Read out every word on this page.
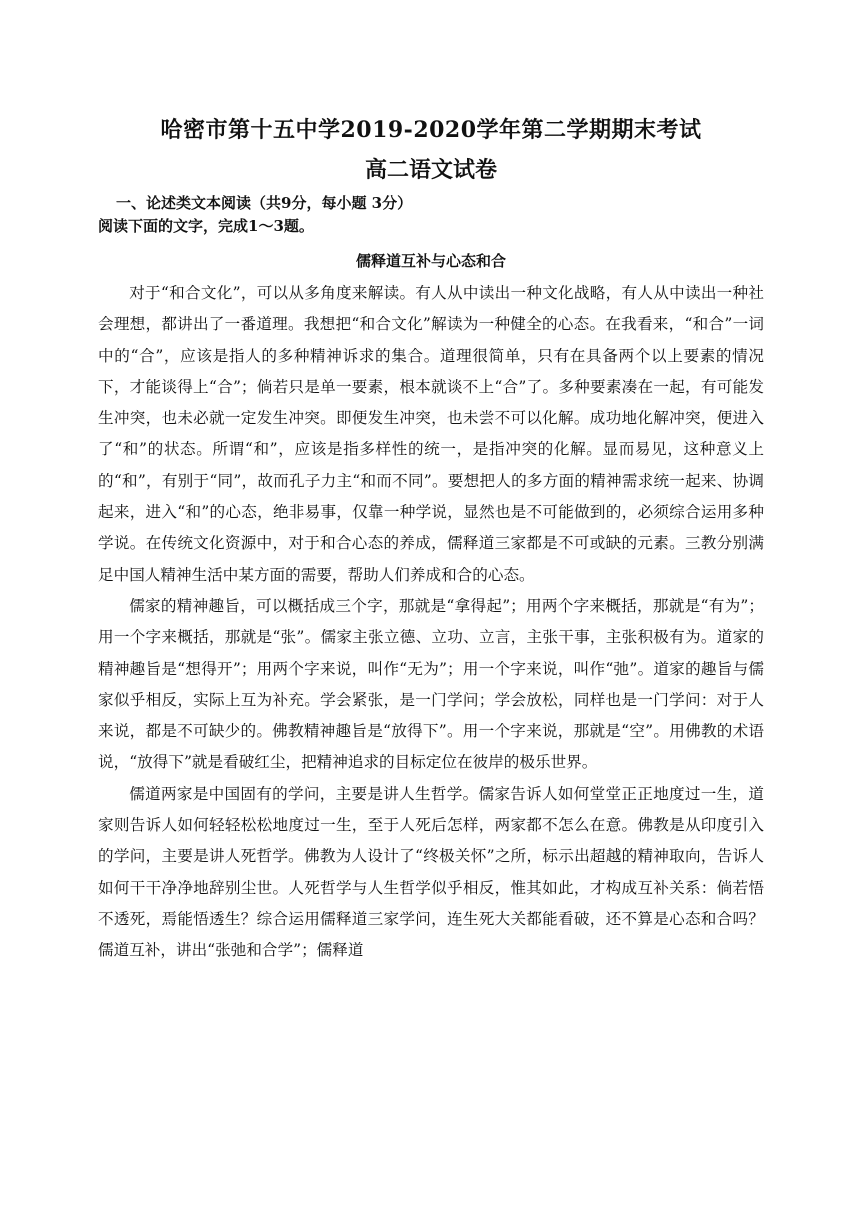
哈密市第十五中学2019-2020学年第二学期期末考试
高二语文试卷
一、论述类文本阅读（共9分，每小题 3分）
阅读下面的文字，完成1～3题。
儒释道互补与心态和合

对于“和合文化”，可以从多角度来解读。有人从中读出一种文化战略，有人从中读出一种社会理想，都讲出了一番道理。我想把“和合文化”解读为一种健全的心态。在我看来，“和合”一词中的“合”，应该是指人的多种精神诉求的集合。道理很简单，只有在具备两个以上要素的情况下，才能谈得上“合”；倘若只是单一要素，根本就谈不上“合”了。多种要素凑在一起，有可能发生冲突，也未必就一定发生冲突。即便发生冲突，也未尝不可以化解。成功地化解冲突，便进入了“和”的状态。所谓“和”，应该是指多样性的统一，是指冲突的化解。显而易见，这种意义上的“和”，有别于“同”，故而孔子力主“和而不同”。要想把人的多方面的精神需求统一起来、协调起来，进入“和”的心态，绝非易事，仅靠一种学说，显然也是不可能做到的，必须综合运用多种学说。在传统文化资源中，对于和合心态的养成，儒释道三家都是不可或缺的元素。三教分别满足中国人精神生活中某方面的需要，帮助人们养成和合的心态。

儒家的精神趣旨，可以概括成三个字，那就是“拿得起”；用两个字来概括，那就是“有为”；用一个字来概括，那就是“张”。儒家主张立德、立功、立言，主张干事，主张积极有为。道家的精神趣旨是“想得开”；用两个字来说，叫作“无为”；用一个字来说，叫作“弛”。道家的趣旨与儒家似乎相反，实际上互为补充。学会紧张，是一门学问；学会放松，同样也是一门学问：对于人来说，都是不可缺少的。佛教精神趣旨是“放得下”。用一个字来说，那就是“空”。用佛教的术语说，“放得下”就是看破红尘，把精神追求的目标定位在彼岸的极乐世界。

儒道两家是中国固有的学问，主要是讲人生哲学。儒家告诉人如何堂堂正正地度过一生，道家则告诉人如何轻轻松松地度过一生，至于人死后怎样，两家都不怎么在意。佛教是从印度引入的学问，主要是讲人死哲学。佛教为人设计了“终极关怀”之所，标示出超越的精神取向，告诉人如何干干净净地辞别尘世。人死哲学与人生哲学似乎相反，惟其如此，才构成互补关系：倘若悟不透死，焉能悟透生？综合运用儒释道三家学问，连生死大关都能看破，还不算是心态和合吗？儒道互补，讲出“张弛和合学”；儒释道
